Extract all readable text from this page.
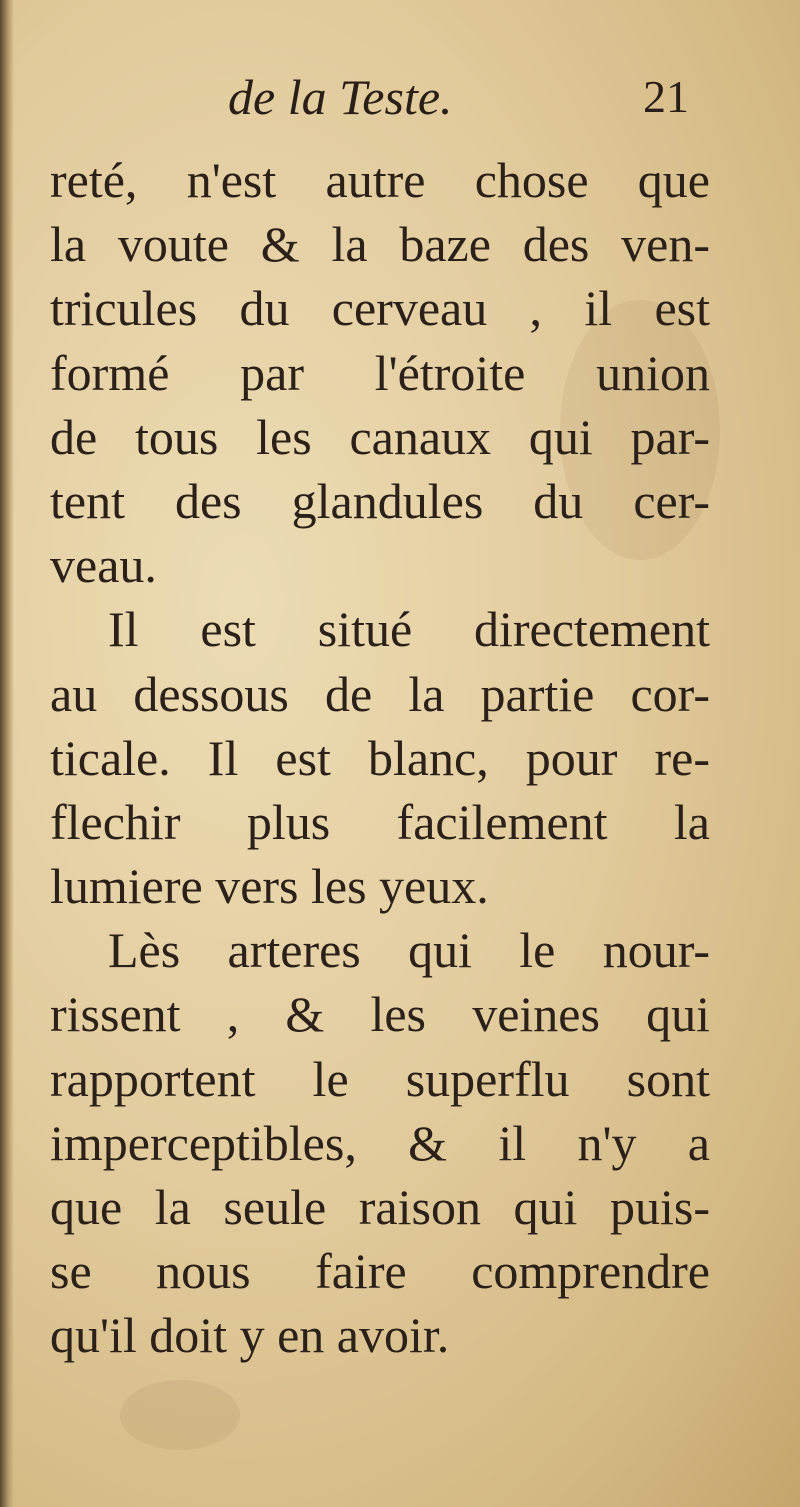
de la Teste.	21
reté, n'est autre chose que
la voute & la baze des ven-
tricules du cerveau , il est
formé par l'étroite union
de tous les canaux qui par-
tent des glandules du cer-
veau.
Il est situé directement
au dessous de la partie cor-
ticale. Il est blanc, pour re-
flechir plus facilement la
lumiere vers les yeux.
Lès arteres qui le nour-
rissent , & les veines qui
rapportent le superflu sont
imperceptibles, & il n'y a
que la seule raison qui puis-
se nous faire comprendre
qu'il doit y en avoir.
